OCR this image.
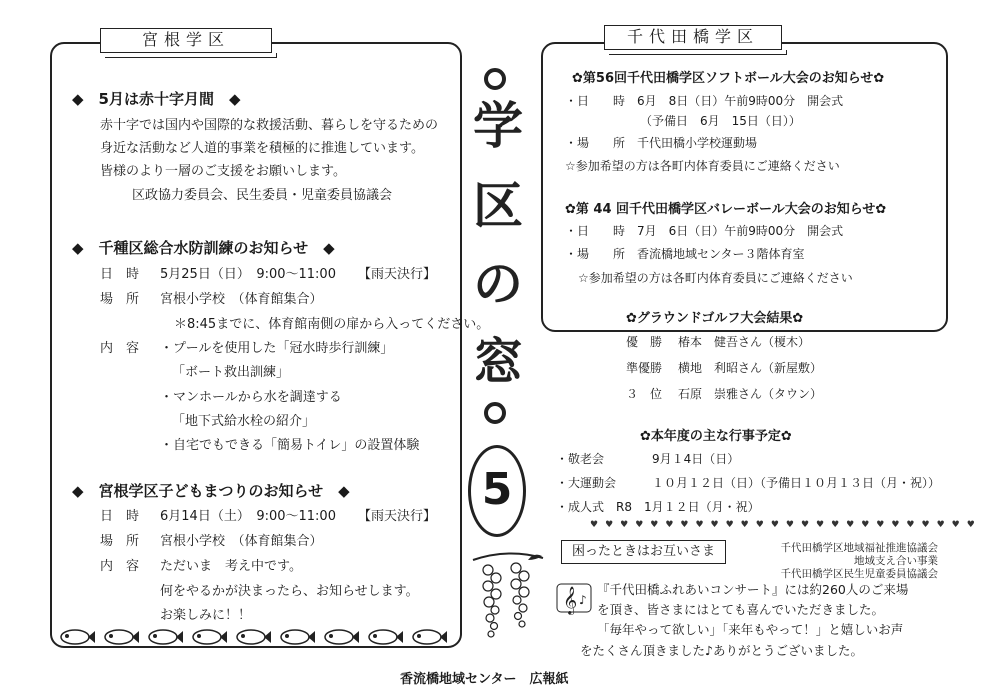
宮根学区
◆　5月は赤十字月間　◆
赤十字では国内や国際的な救援活動、暮らしを守るための
身近な活動など人道的事業を積極的に推進しています。
皆様のより一層のご支援をお願いします。
区政協力委員会、民生委員・児童委員協議会
◆　千種区総合水防訓練のお知らせ　◆
日　時 5月25日（日）　9:00～11:00 【雨天決行】
場　所 宮根小学校　（体育館集合）
＊8:45までに、体育館南側の扉から入ってください。
内　容 ・プールを使用した「冠水時歩行訓練」
「ボート救出訓練」
・マンホールから水を調達する
「地下式給水栓の紹介」
・自宅でもできる「簡易トイレ」の設置体験
◆　宮根学区子どもまつりのお知らせ　◆
日　時 6月14日（土）　9:00～11:00 【雨天決行】
場　所 宮根小学校　（体育館集合）
内　容 ただいま　考え中です。
何をやるかが決まったら、お知らせします。
お楽しみに！！
学
区
の
窓
5
千代田橋学区
✿第56回千代田橋学区ソフトボール大会のお知らせ✿
・日　　時　6月　8日（日）午前9時00分　開会式
（予備日　6月　15日（日））
・場　　所　千代田橋小学校運動場
☆参加希望の方は各町内体育委員にご連絡ください
✿第 44 回千代田橋学区バレーボール大会のお知らせ✿
・日　　時　7月　6日（日）午前9時00分　開会式
・場　　所　香流橋地域センター３階体育室
☆参加希望の方は各町内体育委員にご連絡ください
✿グラウンドゴルフ大会結果✿
優　勝 椿本　健吾さん（榎木）
準優勝 横地　利昭さん（新屋敷）
３　位 石原　崇雅さん（タウン）
✿本年度の主な行事予定✿
・敬老会　　　　9月１4日（日）
・大運動会　　　１０月１２日（日）（予備日１０月１３日（月・祝））
・成人式　R8　1月１２日（月・祝）
♥♥♥♥♥♥♥♥♥♥♥♥♥♥♥♥♥♥♥♥♥♥♥♥♥♥
困ったときはお互いさま	千代田橋学区地域福祉推進協議会
地域支え合い事業
千代田橋学区民生児童委員協議会
𝄞 ♪
『千代田橋ふれあいコンサート』には約260人のご来場
を頂き、皆さまにはとても喜んでいただきました。
「毎年やって欲しい」「来年もやって！」と嬉しいお声
をたくさん頂きました♪ありがとうございました。
香流橋地域センター　広報紙
